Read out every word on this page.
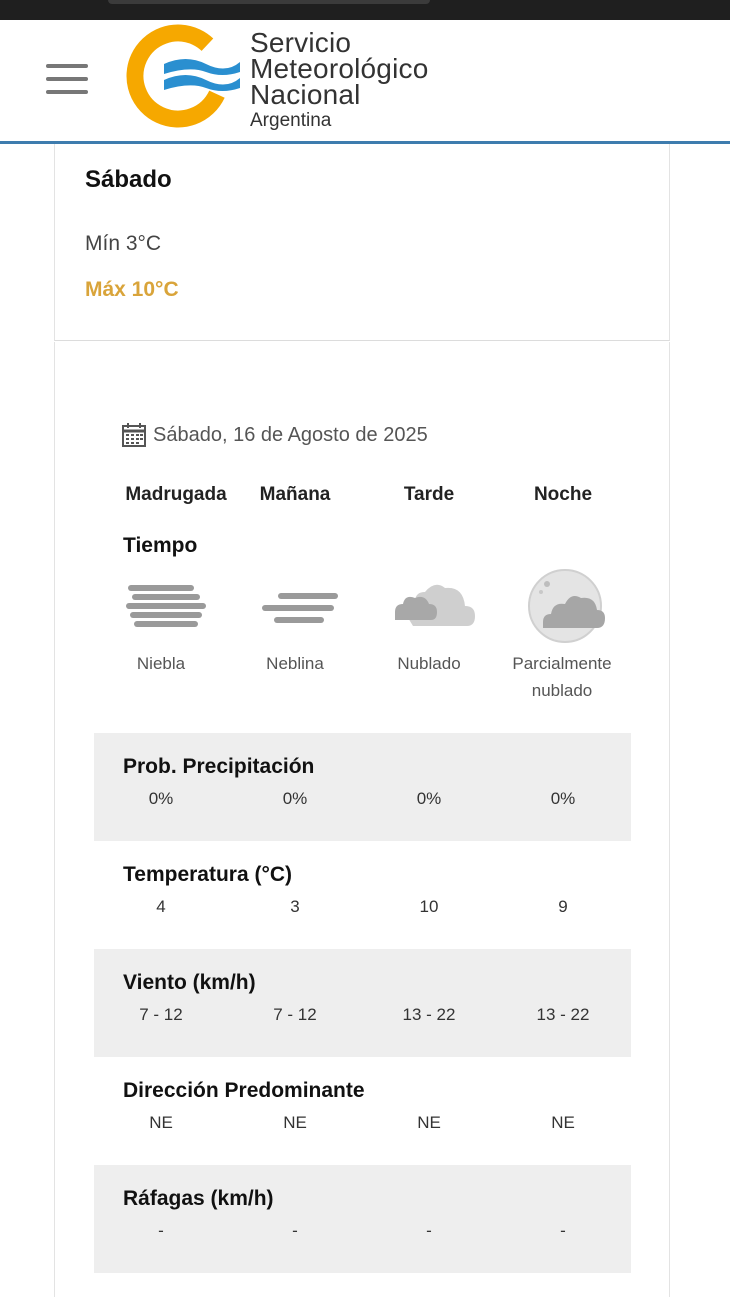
Servicio
Meteorológico
Nacional
Argentina
Sábado
Mín 3°C
Máx 10°C
Sábado, 16 de Agosto de 2025
Madrugada	Mañana	Tarde	Noche
Tiempo
Niebla	Neblina	Nublado	Parcialmente nublado
Prob. Precipitación
0%	0%	0%	0%
Temperatura (°C)
4	3	10	9
Viento (km/h)
7 - 12	7 - 12	13 - 22	13 - 22
Dirección Predominante
NE	NE	NE	NE
Ráfagas (km/h)
-	-	-	-
